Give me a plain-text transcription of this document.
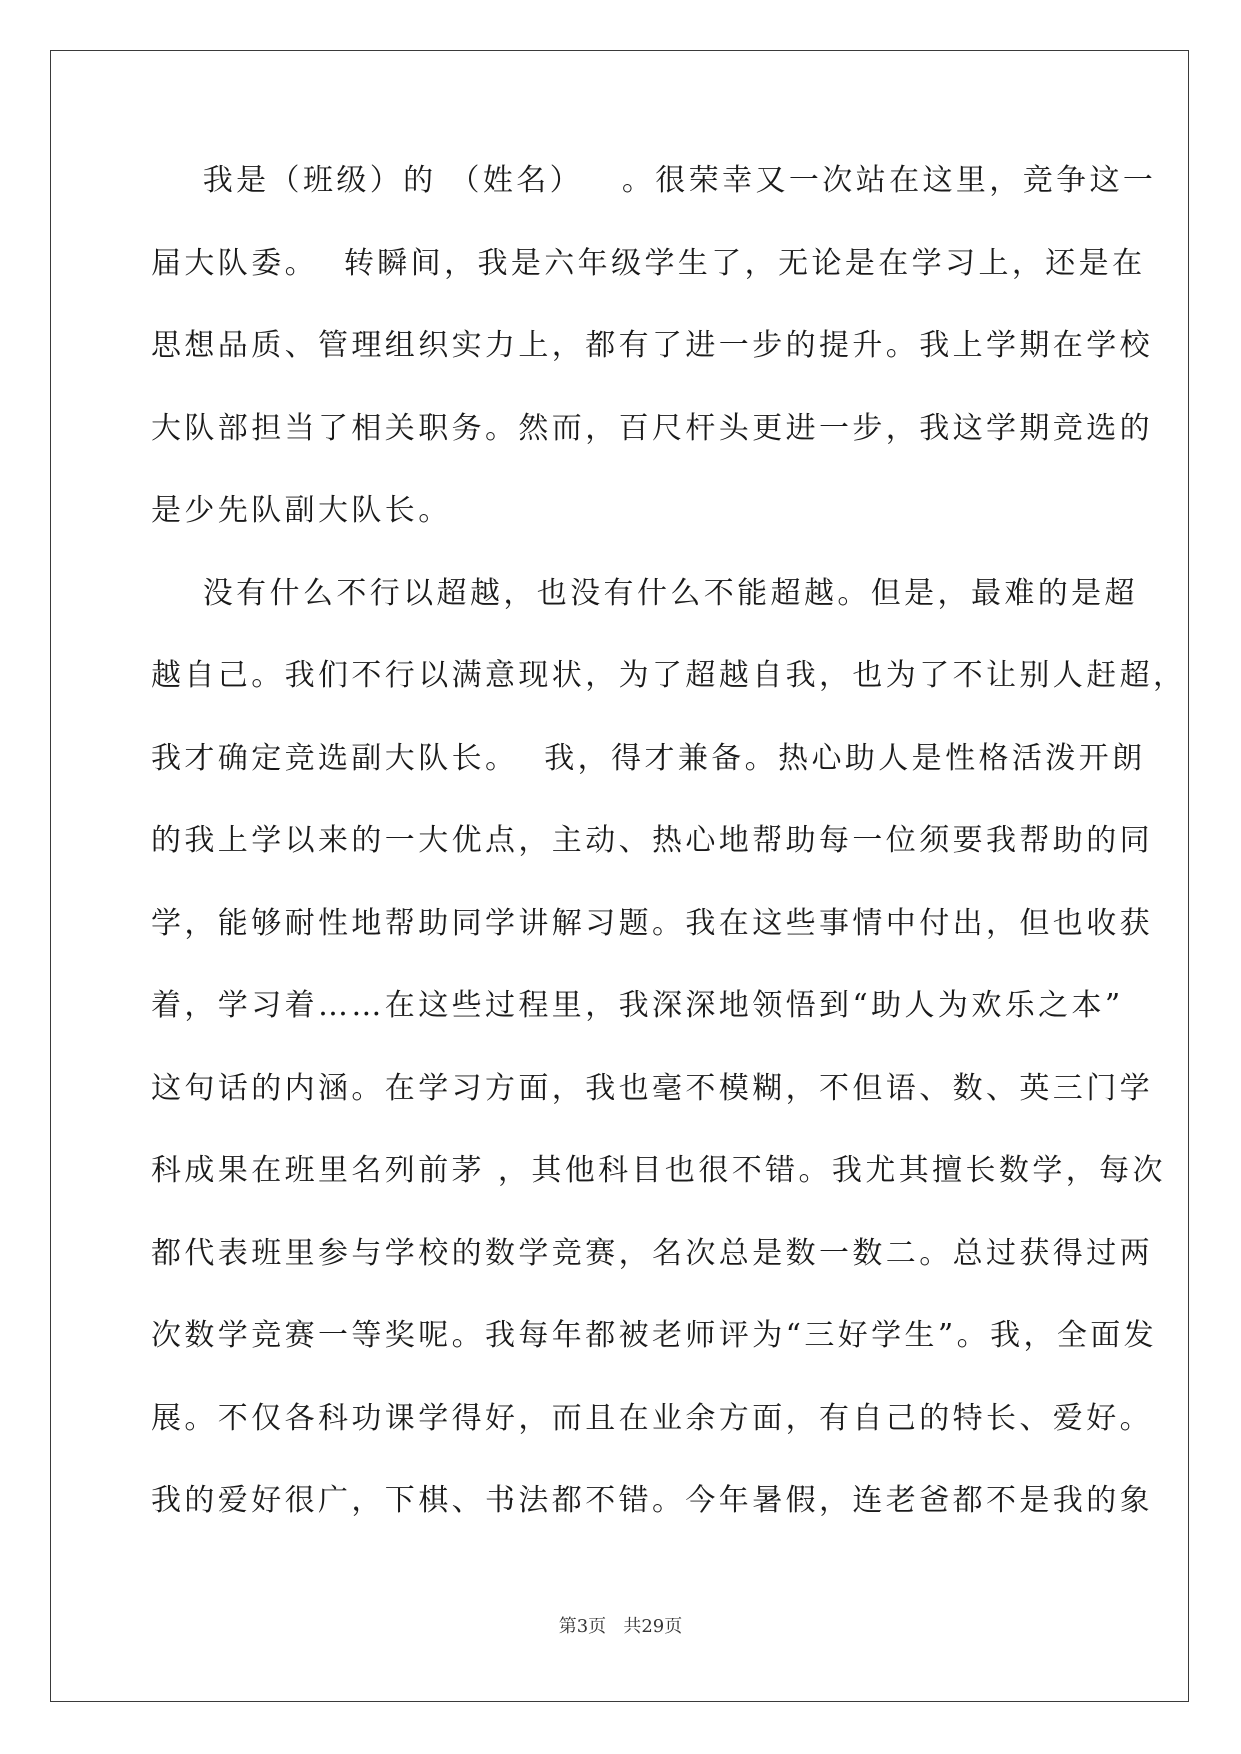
我是（班级）的 （姓名）   。很荣幸又一次站在这里，竞争这一
届大队委。  转瞬间，我是六年级学生了，无论是在学习上，还是在
思想品质、管理组织实力上，都有了进一步的提升。我上学期在学校
大队部担当了相关职务。然而，百尺杆头更进一步，我这学期竞选的
是少先队副大队长。
没有什么不行以超越，也没有什么不能超越。但是，最难的是超
越自己。我们不行以满意现状，为了超越自我，也为了不让别人赶超，
我才确定竞选副大队长。  我，得才兼备。热心助人是性格活泼开朗
的我上学以来的一大优点，主动、热心地帮助每一位须要我帮助的同
学，能够耐性地帮助同学讲解习题。我在这些事情中付出，但也收获
着，学习着……在这些过程里，我深深地领悟到“助人为欢乐之本”
这句话的内涵。在学习方面，我也毫不模糊，不但语、数、英三门学
科成果在班里名列前茅 ，其他科目也很不错。我尤其擅长数学，每次
都代表班里参与学校的数学竞赛，名次总是数一数二。总过获得过两
次数学竞赛一等奖呢。我每年都被老师评为“三好学生”。我，全面发
展。不仅各科功课学得好，而且在业余方面，有自己的特长、爱好。
我的爱好很广，下棋、书法都不错。今年暑假，连老爸都不是我的象
第3页   共29页
